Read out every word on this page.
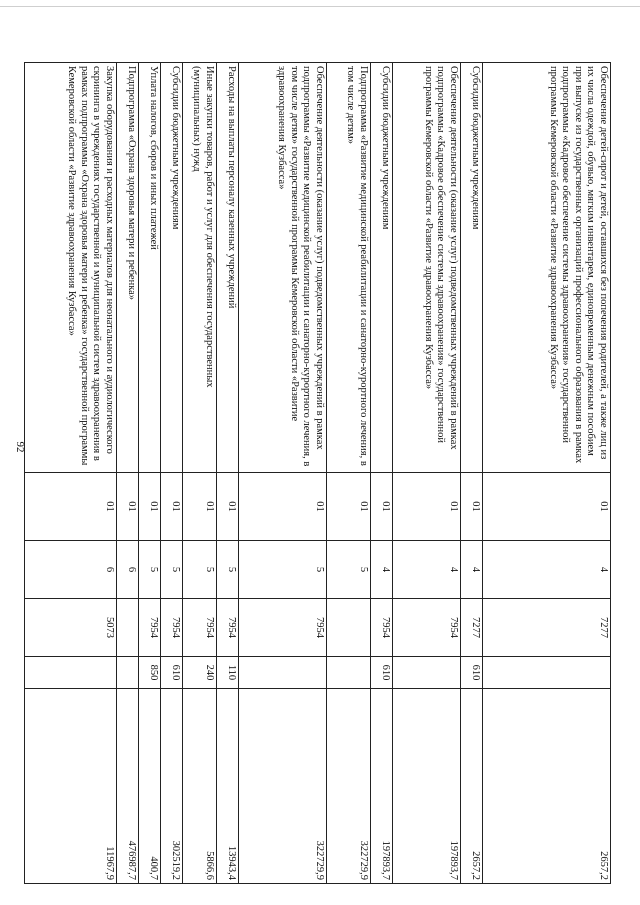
92	Обеспечение детей-сирот и детей, оставшихся без попечения родителей, а также лиц из их числа одеждой, обувью, мягким инвентарем, единовременным денежным пособием при выпуске из государственных организаций профессионального образования в рамках подпрограммы «Кадровое обеспечение системы здравоохранения» государственной программы Кемеровской области «Развитие здравоохранения Кузбасса»	01	4	7277		2657,2
Субсидии бюджетным учреждениям	01	4	7277	610	2657,2
Обеспечение деятельности (оказание услуг) подведомственных учреждений в рамках подпрограммы «Кадровое обеспечение системы здравоохранения» государственной программы Кемеровской области «Развитие здравоохранения Кузбасса»	01	4	7954		197893,7
Субсидии бюджетным учреждениям	01	4	7954	610	197893,7
Подпрограмма «Развитие медицинской реабилитации и санаторно-курортного лечения, в том числе детям»	01	5			322729,9
Обеспечение деятельности (оказание услуг) подведомственных учреждений в рамках подпрограммы «Развитие медицинской реабилитации и санаторно-курортного лечения, в том числе детям» государственной программы Кемеровской области «Развитие здравоохранения Кузбасса»	01	5	7954		322729,9
Расходы на выплаты персоналу казенных учреждений	01	5	7954	110	13943,4
Иные закупки товаров, работ и услуг для обеспечения государственных (муниципальных) нужд	01	5	7954	240	5866,6
Субсидии бюджетным учреждениям	01	5	7954	610	302519,2
Уплата налогов, сборов и иных платежей	01	5	7954	850	400,7
Подпрограмма «Охрана здоровья матери и ребенка»	01	6			476987,7
Закупка оборудования и расходных материалов для неонатального и аудиологического скрининга в учреждениях государственной и муниципальной систем здравоохранения в рамках подпрограммы «Охрана здоровья матери и ребенка» государственной программы Кемеровской области «Развитие здравоохранения Кузбасса»	01	6	5073		11967,9
